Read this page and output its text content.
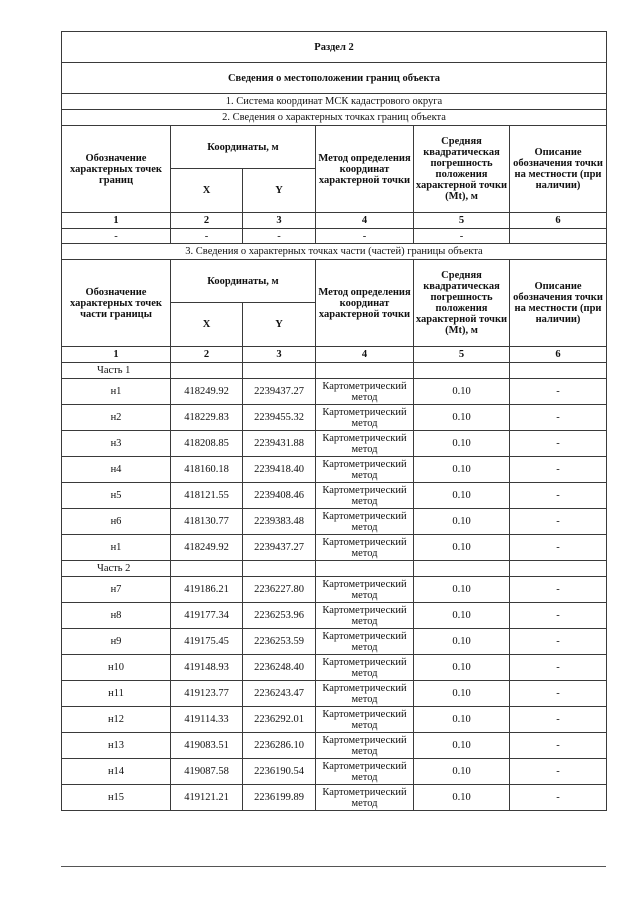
Раздел 2					
Сведения о местоположении границ объекта					
1. Система координат МСК кадастрового округа					
2. Сведения о характерных точках границ объекта					
Обозначение характерных точек границ	Координаты, м		Метод определения координат характерной точки	Средняя квадратическая погрешность положения характерной точки (Mt), м	Описание обозначения точки на местности (при наличии)
	X	Y			
1	2	3	4	5	6
-	-	-	-	-	
3. Сведения о характерных точках части (частей) границы объекта					
Обозначение характерных точек части границы	Координаты, м		Метод определения координат характерной точки	Средняя квадратическая погрешность положения характерной точки (Mt), м	Описание обозначения точки на местности (при наличии)
	X	Y			
1	2	3	4	5	6
Часть 1					
н1	418249.92	2239437.27	Картометрический метод	0.10	-
н2	418229.83	2239455.32	Картометрический метод	0.10	-
н3	418208.85	2239431.88	Картометрический метод	0.10	-
н4	418160.18	2239418.40	Картометрический метод	0.10	-
н5	418121.55	2239408.46	Картометрический метод	0.10	-
н6	418130.77	2239383.48	Картометрический метод	0.10	-
н1	418249.92	2239437.27	Картометрический метод	0.10	-
Часть 2					
н7	419186.21	2236227.80	Картометрический метод	0.10	-
н8	419177.34	2236253.96	Картометрический метод	0.10	-
н9	419175.45	2236253.59	Картометрический метод	0.10	-
н10	419148.93	2236248.40	Картометрический метод	0.10	-
н11	419123.77	2236243.47	Картометрический метод	0.10	-
н12	419114.33	2236292.01	Картометрический метод	0.10	-
н13	419083.51	2236286.10	Картометрический метод	0.10	-
н14	419087.58	2236190.54	Картометрический метод	0.10	-
н15	419121.21	2236199.89	Картометрический метод	0.10	-
